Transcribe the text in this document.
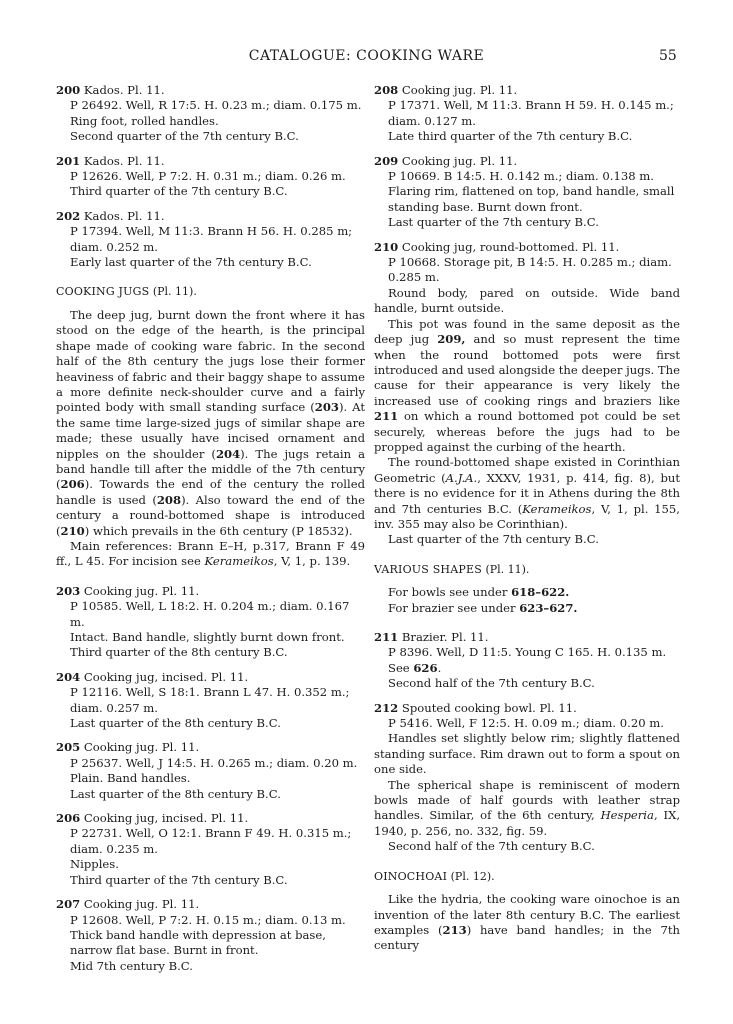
CATALOGUE: COOKING WARE	55
200 Kados. Pl. 11.
P 26492. Well, R 17:5. H. 0.23 m.; diam. 0.175 m.
Ring foot, rolled handles.
Second quarter of the 7th century B.C.
201 Kados. Pl. 11.
P 12626. Well, P 7:2. H. 0.31 m.; diam. 0.26 m.
Third quarter of the 7th century B.C.
202 Kados. Pl. 11.
P 17394. Well, M 11:3. Brann H 56. H. 0.285 m; diam. 0.252 m.
Early last quarter of the 7th century B.C.
COOKING JUGS (Pl. 11).

The deep jug, burnt down the front where it has stood on the edge of the hearth, is the principal shape made of cooking ware fabric. In the second half of the 8th century the jugs lose their former heaviness of fabric and their baggy shape to assume a more definite neck-shoulder curve and a fairly pointed body with small standing surface (203). At the same time large-sized jugs of similar shape are made; these usually have incised ornament and nipples on the shoulder (204). The jugs retain a band handle till after the middle of the 7th century (206). Towards the end of the century the rolled handle is used (208). Also toward the end of the century a round-bottomed shape is introduced (210) which prevails in the 6th century (P 18532).

Main references: Brann E–H, p.317, Brann F 49 ff., L 45. For incision see Kerameikos, V, 1, p. 139.

203 Cooking jug. Pl. 11.
P 10585. Well, L 18:2. H. 0.204 m.; diam. 0.167 m.
Intact. Band handle, slightly burnt down front.
Third quarter of the 8th century B.C.
204 Cooking jug, incised. Pl. 11.
P 12116. Well, S 18:1. Brann L 47. H. 0.352 m.; diam. 0.257 m.
Last quarter of the 8th century B.C.
205 Cooking jug. Pl. 11.
P 25637. Well, J 14:5. H. 0.265 m.; diam. 0.20 m.
Plain. Band handles.
Last quarter of the 8th century B.C.
206 Cooking jug, incised. Pl. 11.
P 22731. Well, O 12:1. Brann F 49. H. 0.315 m.; diam. 0.235 m.
Nipples.
Third quarter of the 7th century B.C.
207 Cooking jug. Pl. 11.
P 12608. Well, P 7:2. H. 0.15 m.; diam. 0.13 m.
Thick band handle with depression at base, narrow flat base. Burnt in front.
Mid 7th century B.C.
208 Cooking jug. Pl. 11.
P 17371. Well, M 11:3. Brann H 59. H. 0.145 m.; diam. 0.127 m.
Late third quarter of the 7th century B.C.
209 Cooking jug. Pl. 11.
P 10669. B 14:5. H. 0.142 m.; diam. 0.138 m.
Flaring rim, flattened on top, band handle, small standing base. Burnt down front.
Last quarter of the 7th century B.C.
210 Cooking jug, round-bottomed. Pl. 11.
P 10668. Storage pit, B 14:5. H. 0.285 m.; diam. 0.285 m.

Round body, pared on outside. Wide band handle, burnt outside.

This pot was found in the same deposit as the deep jug 209, and so must represent the time when the round bottomed pots were first introduced and used alongside the deeper jugs. The cause for their appearance is very likely the increased use of cooking rings and braziers like 211 on which a round bottomed pot could be set securely, whereas before the jugs had to be propped against the curbing of the hearth.

The round-bottomed shape existed in Corinthian Geometric (A.J.A., XXXV, 1931, p. 414, fig. 8), but there is no evidence for it in Athens during the 8th and 7th centuries B.C. (Kerameikos, V, 1, pl. 155, inv. 355 may also be Corinthian).

Last quarter of the 7th century B.C.
VARIOUS SHAPES (Pl. 11).

For bowls see under 618–622.

For brazier see under 623–627.

211 Brazier. Pl. 11.
P 8396. Well, D 11:5. Young C 165. H. 0.135 m.
See 626.
Second half of the 7th century B.C.
212 Spouted cooking bowl. Pl. 11.
P 5416. Well, F 12:5. H. 0.09 m.; diam. 0.20 m.

Handles set slightly below rim; slightly flattened standing surface. Rim drawn out to form a spout on one side.

The spherical shape is reminiscent of modern bowls made of half gourds with leather strap handles. Similar, of the 6th century, Hesperia, IX, 1940, p. 256, no. 332, fig. 59.

Second half of the 7th century B.C.
OINOCHOAI (Pl. 12).

Like the hydria, the cooking ware oinochoe is an invention of the later 8th century B.C. The earliest examples (213) have band handles; in the 7th century
